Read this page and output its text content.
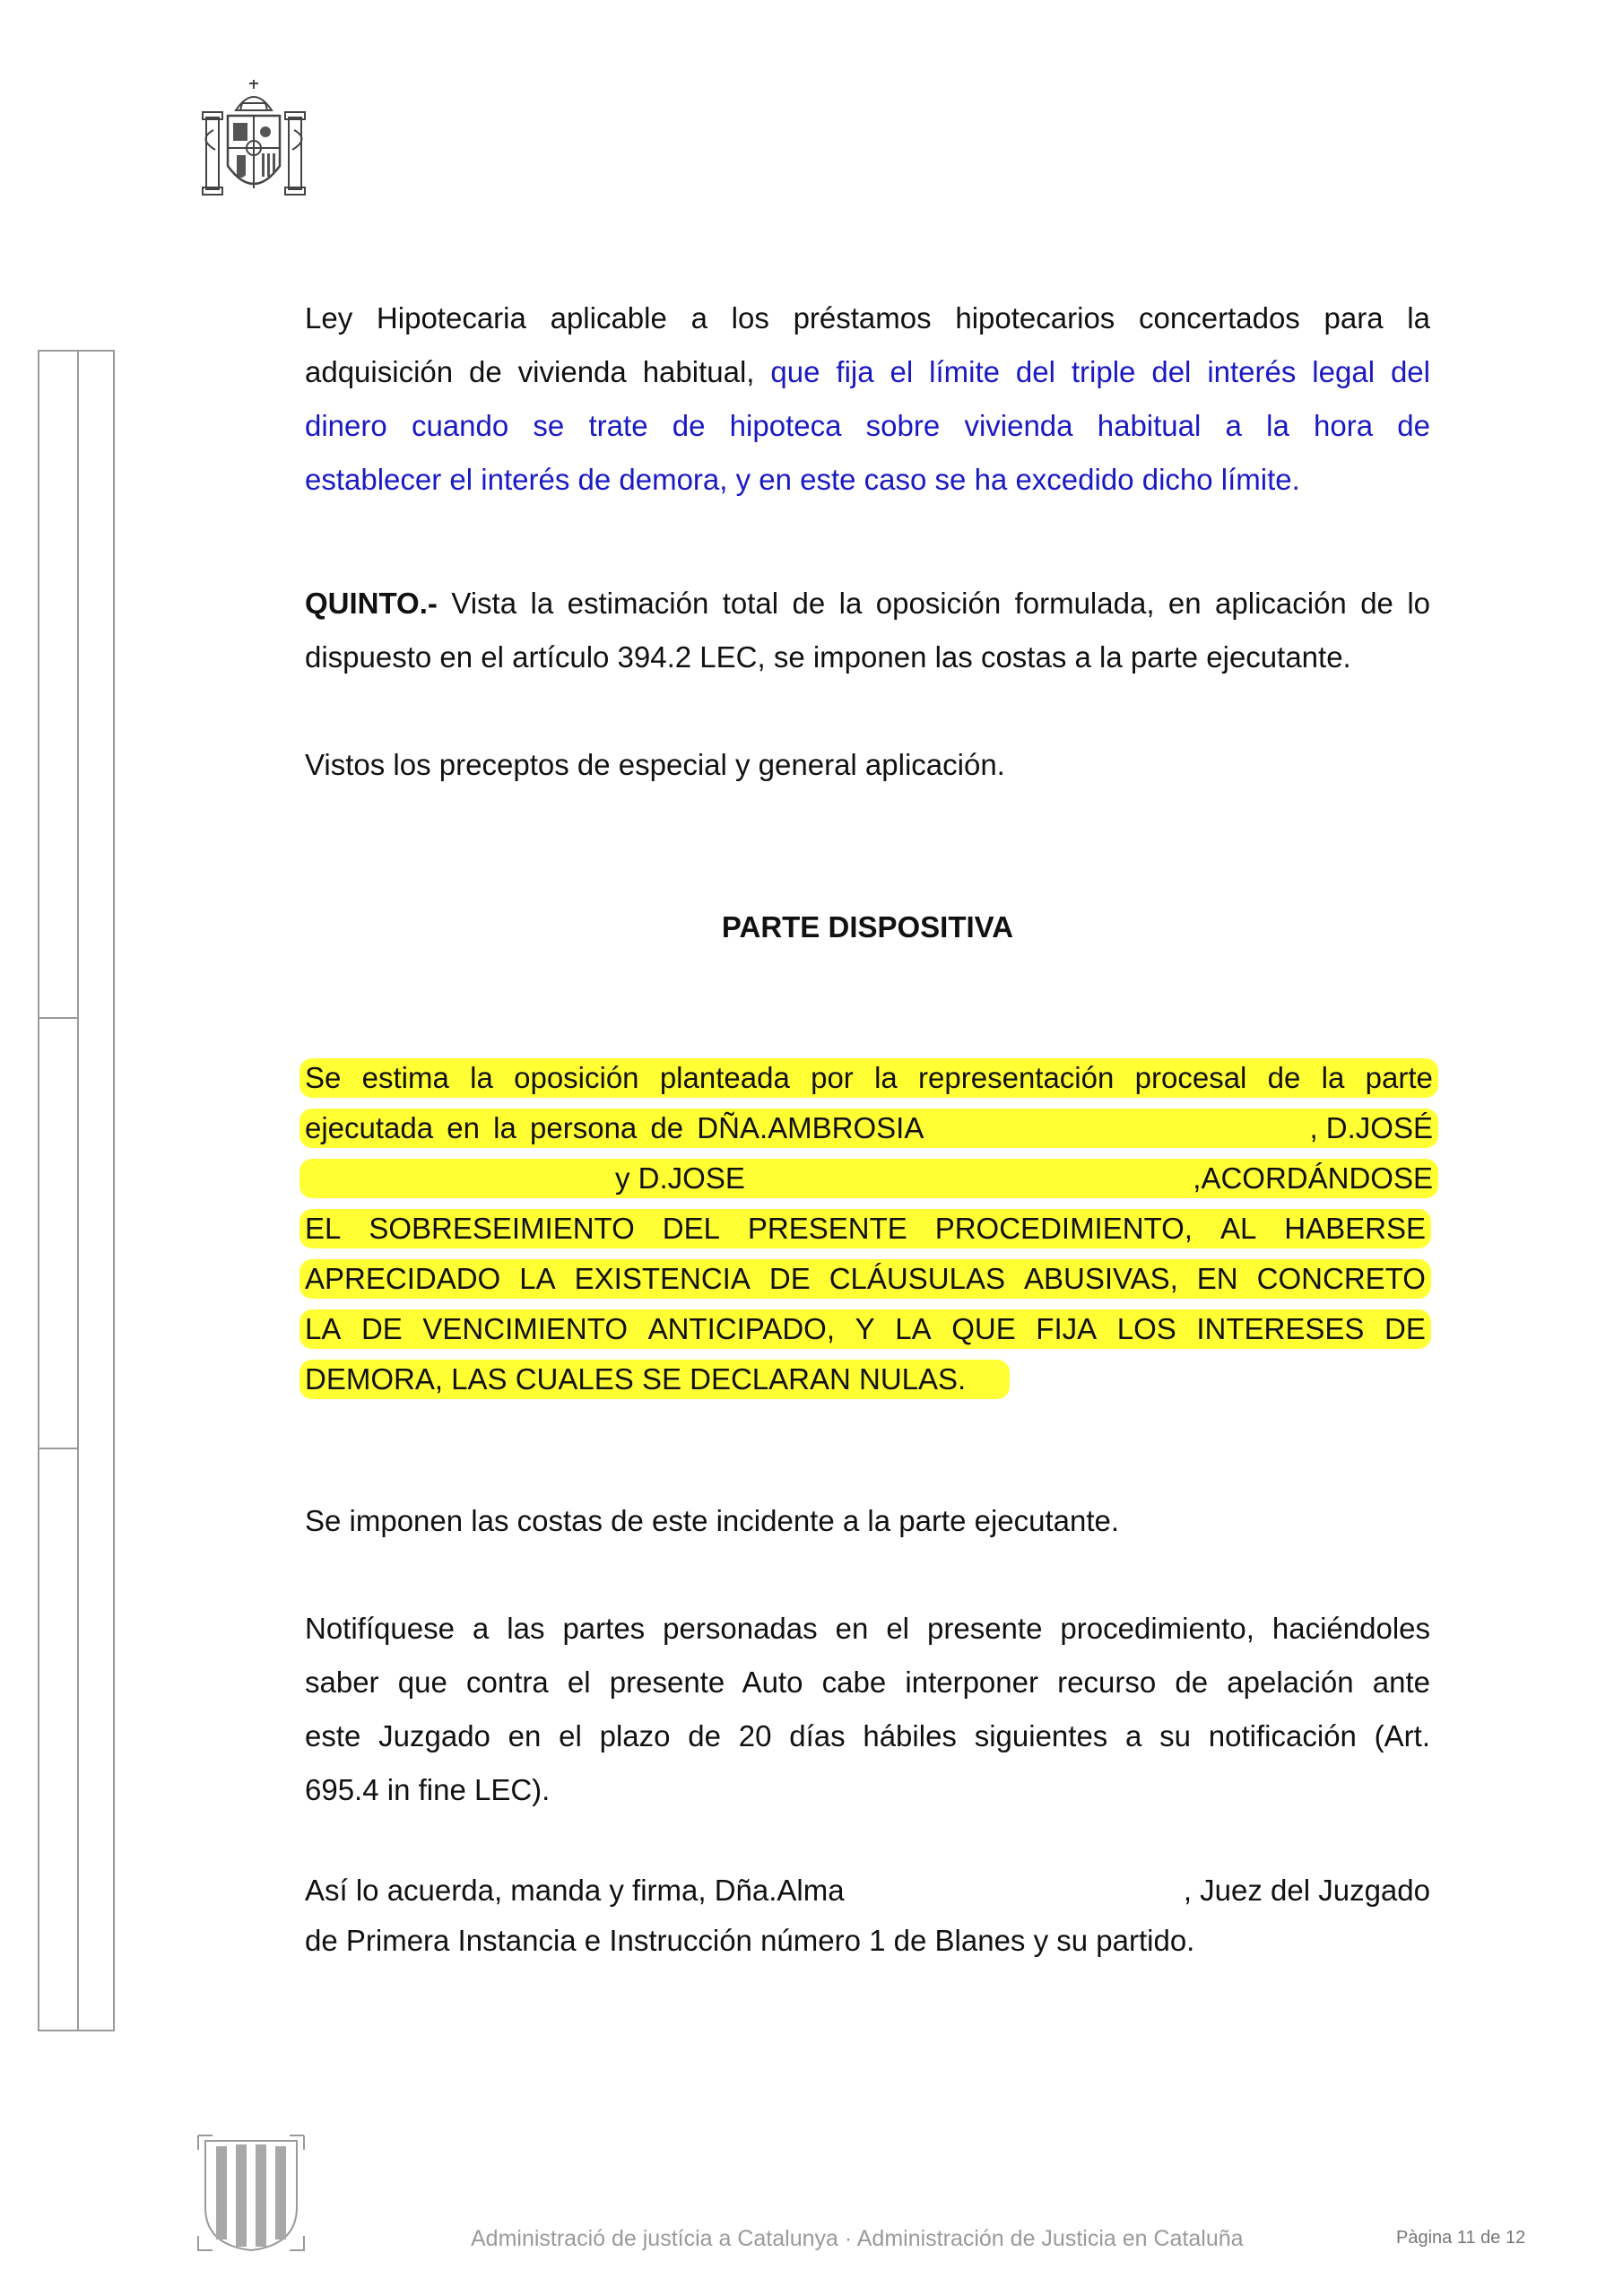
Ley Hipotecaria aplicable a los préstamos hipotecarios concertados para la
adquisición de vivienda habitual, que fija el límite del triple del interés legal del
dinero cuando se trate de hipoteca sobre vivienda habitual a la hora de
establecer el interés de demora, y en este caso se ha excedido dicho límite.
QUINTO.- Vista la estimación total de la oposición formulada, en aplicación de lo
dispuesto en el artículo 394.2 LEC, se imponen las costas a la parte ejecutante.
Vistos los preceptos de especial y general aplicación.
PARTE DISPOSITIVA
Se estima la oposición planteada por la representación procesal de la parte
ejecutada en la persona de DÑA.AMBROSIA	, D.JOSÉ
y D.JOSE	,ACORDÁNDOSE
EL SOBRESEIMIENTO DEL PRESENTE PROCEDIMIENTO, AL HABERSE
APRECIDADO LA EXISTENCIA DE CLÁUSULAS ABUSIVAS, EN CONCRETO
LA DE VENCIMIENTO ANTICIPADO, Y LA QUE FIJA LOS INTERESES DE
DEMORA, LAS CUALES SE DECLARAN NULAS.
Se imponen las costas de este incidente a la parte ejecutante.
Notifíquese a las partes personadas en el presente procedimiento, haciéndoles
saber que contra el presente Auto cabe interponer recurso de apelación ante
este Juzgado en el plazo de 20 días hábiles siguientes a su notificación (Art.
695.4 in fine LEC).
Así lo acuerda, manda y firma, Dña.Alma	, Juez del Juzgado
de Primera Instancia e Instrucción número 1 de Blanes y su partido.
Administració de justícia a Catalunya · Administración de Justicia en Cataluña	Pàgina 11 de 12
